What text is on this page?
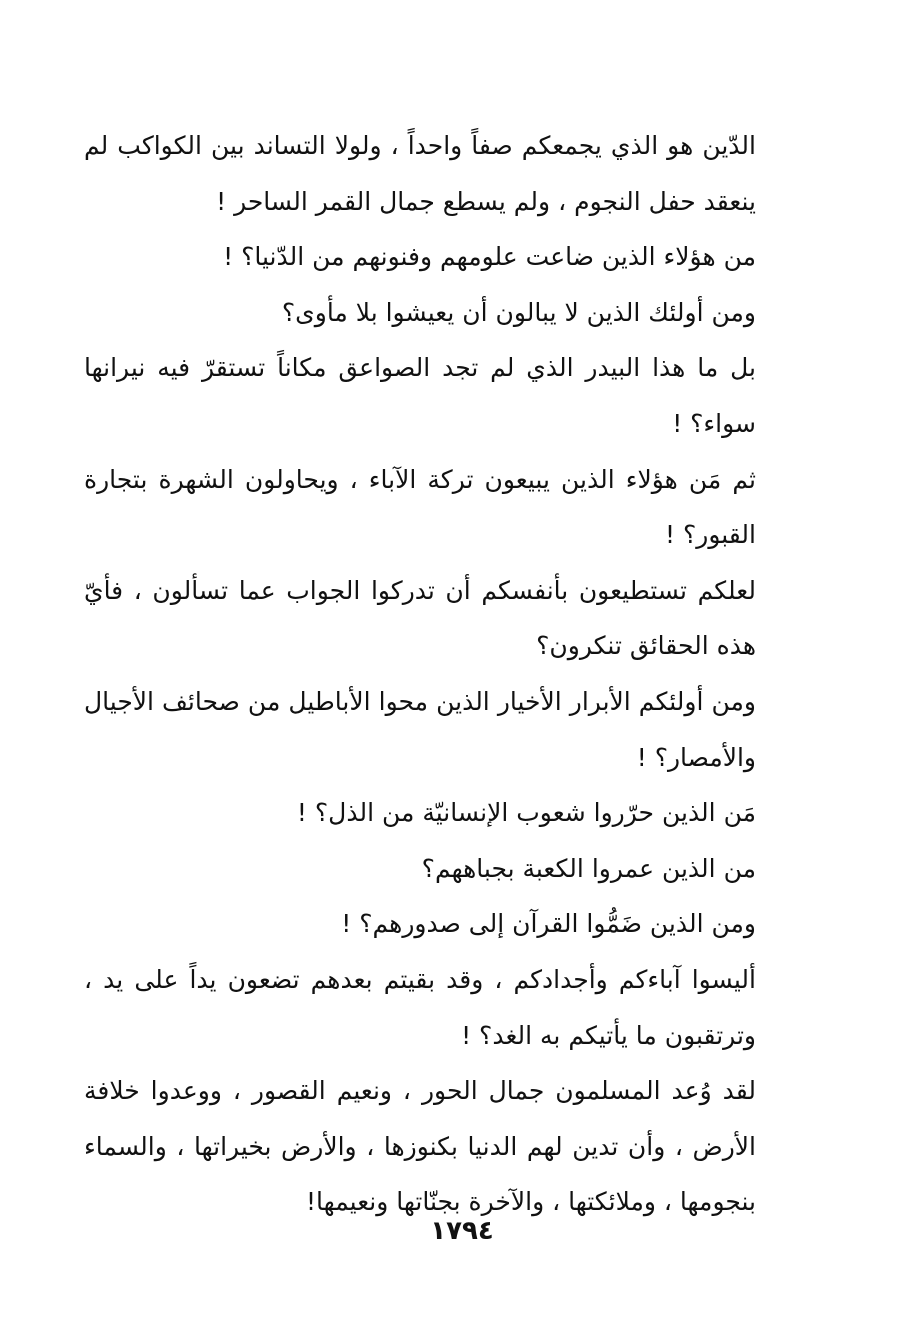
الدّين هو الذي يجمعكم صفاً واحداً ، ولولا التساند بين الكواكب لم ينعقد حفل النجوم ، ولم يسطع جمال القمر الساحر !

من هؤلاء الذين ضاعت علومهم وفنونهم من الدّنيا؟ !

ومن أولئك الذين لا يبالون أن يعيشوا بلا مأوى؟

بل ما هذا البيدر الذي لم تجد الصواعق مكاناً تستقرّ فيه نيرانها سواء؟ !

ثم مَن هؤلاء الذين يبيعون تركة الآباء ، ويحاولون الشهرة بتجارة القبور؟ !

لعلكم تستطيعون بأنفسكم أن تدركوا الجواب عما تسألون ، فأيّ هذه الحقائق تنكرون؟

ومن أولئكم الأبرار الأخيار الذين محوا الأباطيل من صحائف الأجيال والأمصار؟ !

مَن الذين حرّروا شعوب الإنسانيّة من الذل؟ !

من الذين عمروا الكعبة بجباههم؟

ومن الذين ضَمُّوا القرآن إلى صدورهم؟ !

أليسوا آباءكم وأجدادكم ، وقد بقيتم بعدهم تضعون يداً على يد ، وترتقبون ما يأتيكم به الغد؟ !

لقد وُعد المسلمون جمال الحور ، ونعيم القصور ، ووعدوا خلافة الأرض ، وأن تدين لهم الدنيا بكنوزها ، والأرض بخيراتها ، والسماء بنجومها ، وملائكتها ، والآخرة بجنّاتها ونعيمها!

١٧٩٤
